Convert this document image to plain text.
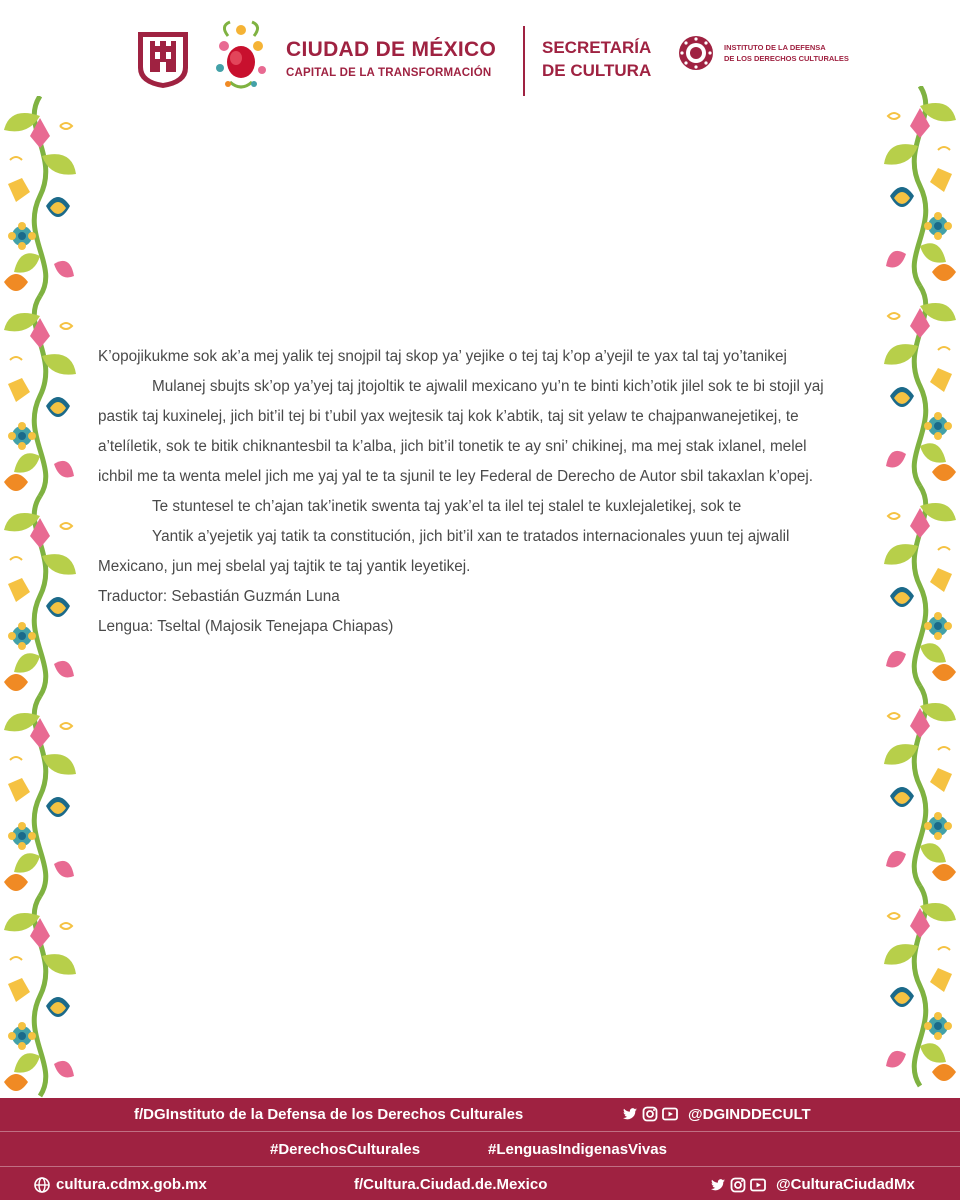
CIUDAD DE MÉXICO
CAPITAL DE LA TRANSFORMACIÓN
SECRETARÍA
DE CULTURA
INSTITUTO DE LA DEFENSA
DE LOS DERECHOS CULTURALES

K’opojikukme sok ak’a mej yalik tej snojpil taj skop ya’ yejike o tej taj k’op a’yejil te yax tal taj yo’tanikej

Mulanej sbujts sk’op ya’yej taj jtojoltik te ajwalil mexicano yu’n te binti kich’otik jilel sok te bi stojil yaj pastik taj kuxinelej, jich bit’il tej bi t’ubil yax wejtesik taj kok k’abtik, taj sit yelaw te chajpanwanejetikej, te a’telíletik, sok te bitik chiknantesbil ta k’alba, jich bit’il tonetik te ay sni’ chikinej, ma mej stak ixlanel, melel ichbil me ta wenta melel jich me yaj yal te ta sjunil te ley Federal de Derecho de Autor sbil takaxlan k’opej.

Te stuntesel te ch’ajan tak’inetik swenta taj yak’el ta ilel tej stalel te kuxlejaletikej, sok te

Yantik a’yejetik yaj tatik ta constitución, jich bit’il xan te tratados internacionales yuun tej ajwalil Mexicano, jun mej sbelal yaj tajtik te taj yantik leyetikej.

Traductor: Sebastián Guzmán Luna

Lengua: Tseltal (Majosik Tenejapa Chiapas)

f/DGInstituto de la Defensa de los Derechos Culturales	@DGINDDECULT
#DerechosCulturales	#LenguasIndigenasVivas
cultura.cdmx.gob.mx	f/Cultura.Ciudad.de.Mexico	@CulturaCiudadMx
